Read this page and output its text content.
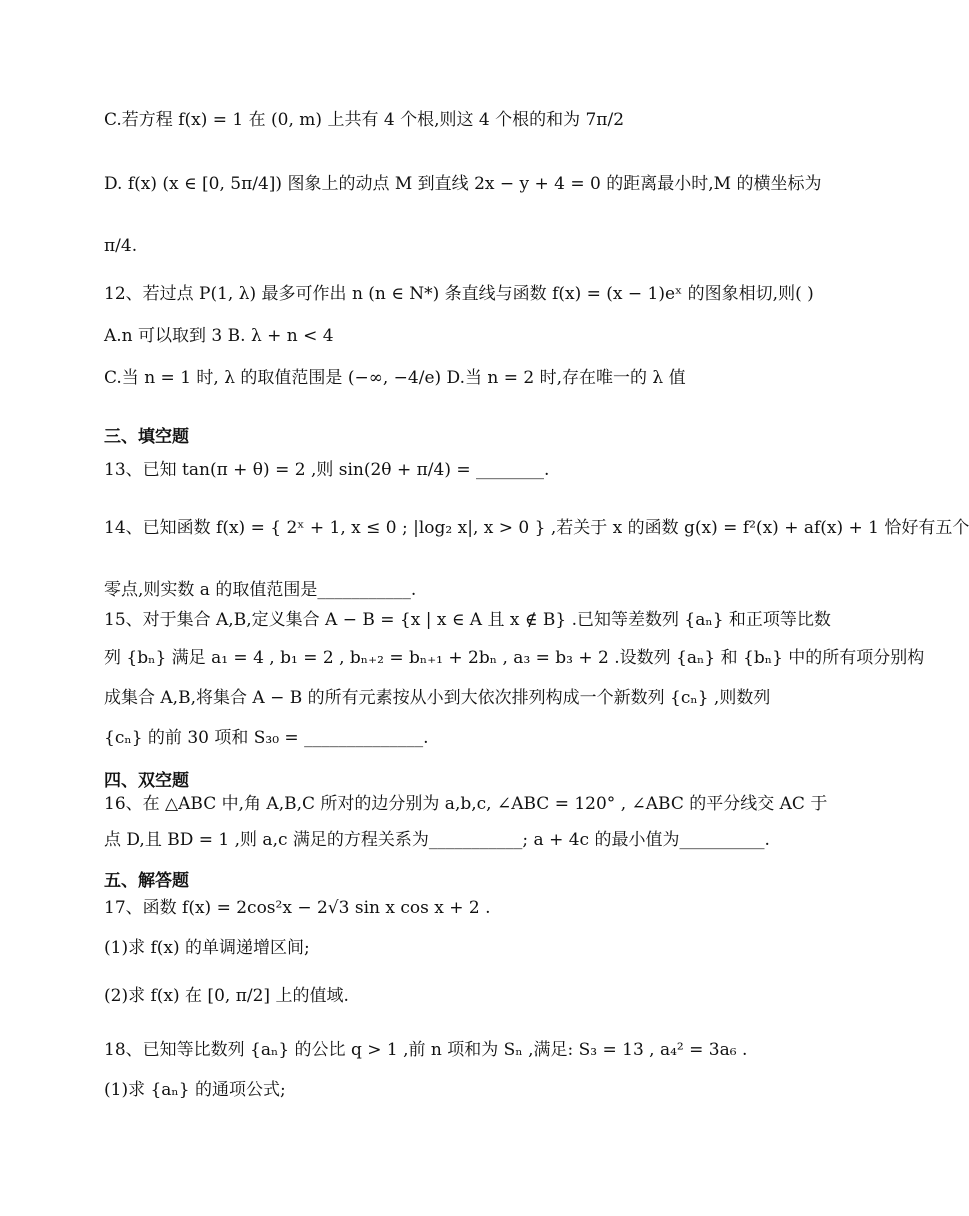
C.若方程 f(x) = 1 在 (0, m) 上共有 4 个根,则这 4 个根的和为 7π/2
D. f(x) (x ∈ [0, 5π/4]) 图象上的动点 M 到直线 2x − y + 4 = 0 的距离最小时,M 的横坐标为
π/4.
12、若过点 P(1, λ) 最多可作出 n (n ∈ N*) 条直线与函数 f(x) = (x − 1)eˣ 的图象相切,则( )
A.n 可以取到 3 B. λ + n < 4
C.当 n = 1 时, λ 的取值范围是 (−∞, −4/e) D.当 n = 2 时,存在唯一的 λ 值
三、填空题
13、已知 tan(π + θ) = 2 ,则 sin(2θ + π/4) = ________.
14、已知函数 f(x) = { 2ˣ + 1, x ≤ 0 ; |log₂ x|, x > 0 } ,若关于 x 的函数 g(x) = f²(x) + af(x) + 1 恰好有五个
零点,则实数 a 的取值范围是___________.
15、对于集合 A,B,定义集合 A − B = {x | x ∈ A 且 x ∉ B} .已知等差数列 {aₙ} 和正项等比数
列 {bₙ} 满足 a₁ = 4 , b₁ = 2 , bₙ₊₂ = bₙ₊₁ + 2bₙ , a₃ = b₃ + 2 .设数列 {aₙ} 和 {bₙ} 中的所有项分别构
成集合 A,B,将集合 A − B 的所有元素按从小到大依次排列构成一个新数列 {cₙ} ,则数列
{cₙ} 的前 30 项和 S₃₀ = ______________.
四、双空题
16、在 △ABC 中,角 A,B,C 所对的边分别为 a,b,c, ∠ABC = 120° , ∠ABC 的平分线交 AC 于
点 D,且 BD = 1 ,则 a,c 满足的方程关系为___________; a + 4c 的最小值为__________.
五、解答题
17、函数 f(x) = 2cos²x − 2√3 sin x cos x + 2 .
(1)求 f(x) 的单调递增区间;
(2)求 f(x) 在 [0, π/2] 上的值域.
18、已知等比数列 {aₙ} 的公比 q > 1 ,前 n 项和为 Sₙ ,满足: S₃ = 13 , a₄² = 3a₆ .
(1)求 {aₙ} 的通项公式;
